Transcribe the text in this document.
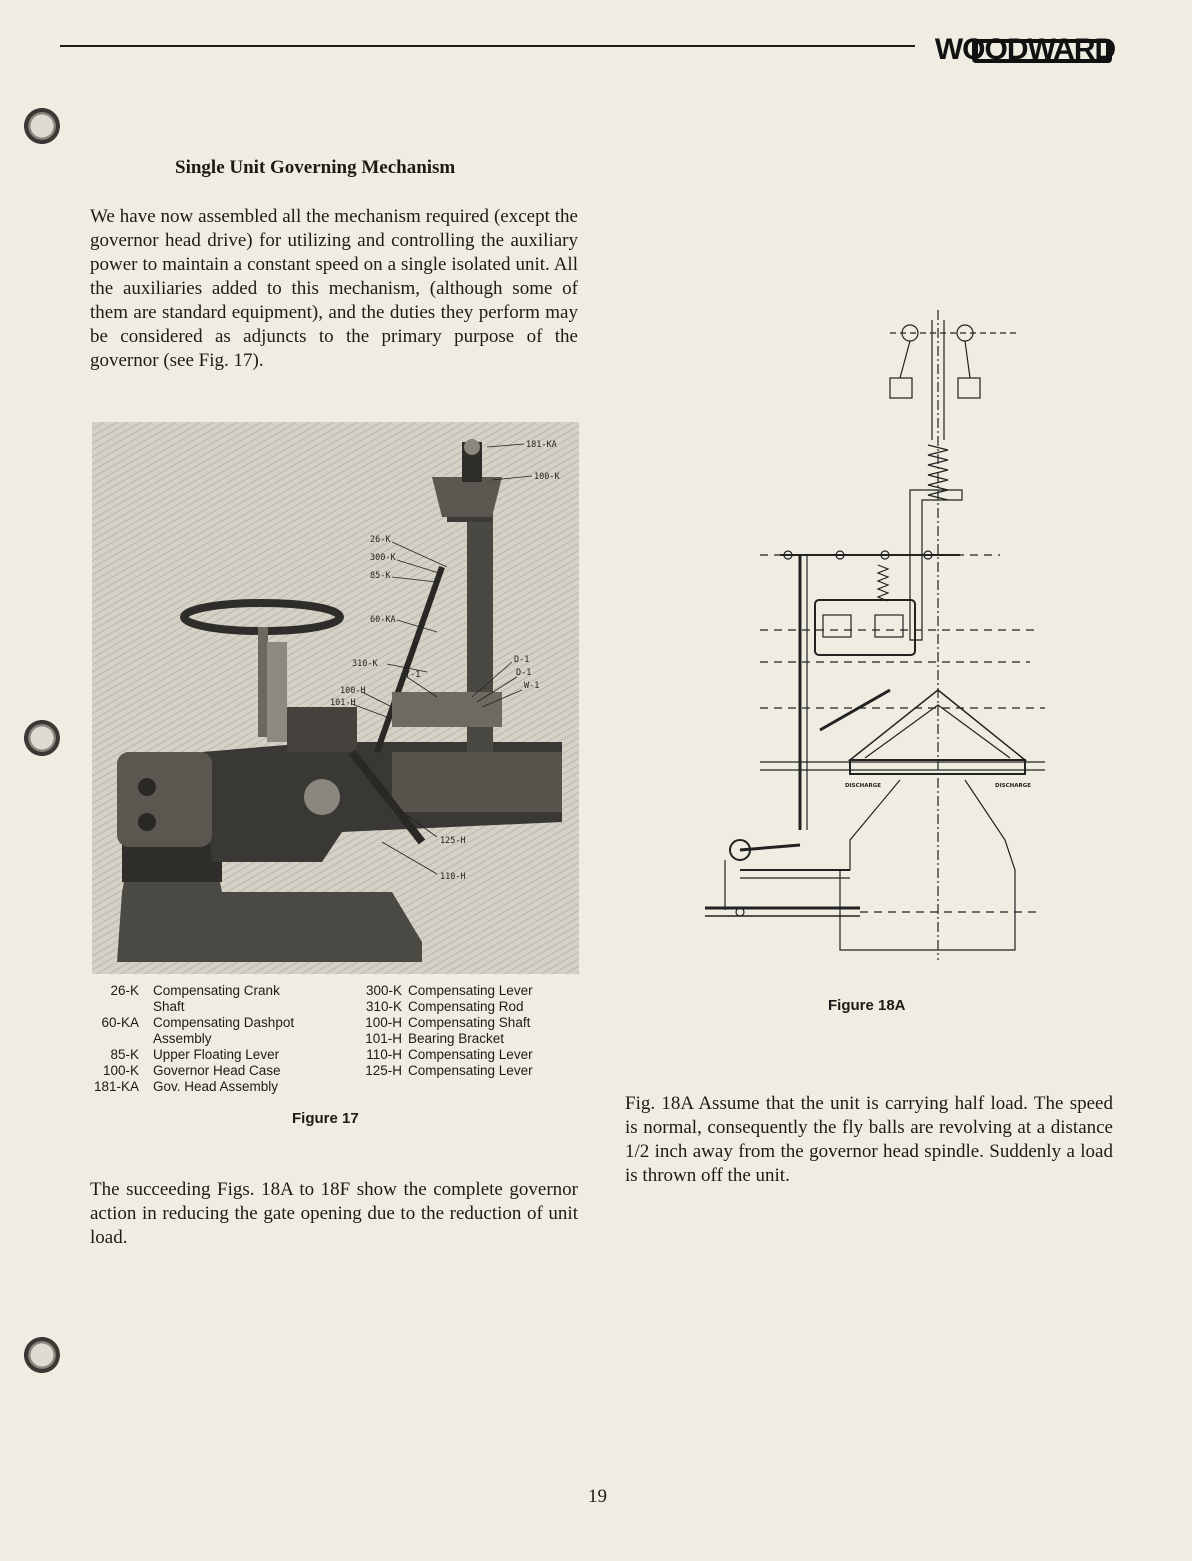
WOODWARD
Single Unit Governing Mechanism

We have now assembled all the mechanism required (except the governor head drive) for utilizing and controlling the auxiliary power to maintain a constant speed on a single isolated unit. All the auxiliaries added to this mechanism, (although some of them are standard equipment), and the duties they perform may be considered as adjuncts to the primary purpose of the governor (see Fig. 17).

181-KA
100-K
26-K
300-K
85-K
60-KA
310-K
Y-1
D-1
D-1
W-1
100-H
101-H
125-H
110-H
26-K	Compensating Crank
Shaft
60-KA	Compensating Dashpot
Assembly
85-K	Upper Floating Lever
100-K	Governor Head Case
181-KA	Gov. Head Assembly
300-K Compensating Lever
310-K Compensating Rod
100-H Compensating Shaft
101-H Bearing Bracket
110-H Compensating Lever
125-H Compensating Lever
Figure 17

The succeeding Figs. 18A to 18F show the complete governor action in reducing the gate opening due to the reduction of unit load.

DISCHARGE	DISCHARGE
Figure 18A

Fig. 18A Assume that the unit is carrying half load. The speed is normal, consequently the fly balls are revolving at a distance 1/2 inch away from the governor head spindle. Suddenly a load is thrown off the unit.

19
